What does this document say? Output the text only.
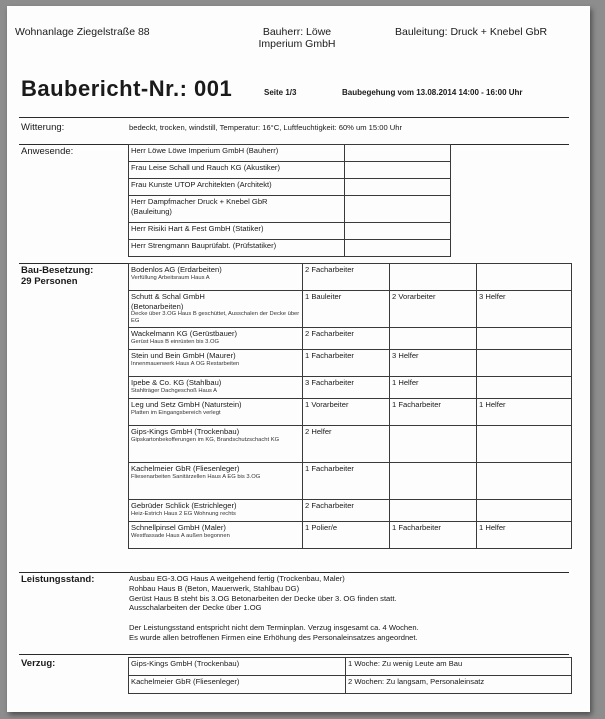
Wohnanlage Ziegelstraße 88	Bauherr: Löwe
Imperium GmbH
Bauleitung: Druck + Knebel GbR
Baubericht-Nr.: 001	Seite 1/3	Baubegehung vom 13.08.2014 14:00 - 16:00 Uhr
Witterung:	bedeckt, trocken, windstill, Temperatur: 16°C, Luftfeuchtigkeit: 60% um 15:00 Uhr
Anwesende:	Herr Löwe Löwe Imperium GmbH (Bauherr)	

Frau Leise Schall und Rauch KG (Akustiker)	

Frau Kunste UTOP Architekten (Architekt)	

Herr Dampfmacher Druck + Knebel GbR (Bauleitung)	

Herr Risiki Hart & Fest GmbH (Statiker)	

Herr Strengmann Bauprüfabt. (Prüfstatiker)	

Bau-Besetzung:
29 Personen
Bodenlos AG (Erdarbeiten)
Verfüllung Arbeitsraum Haus A	2 Facharbeiter		

Schutt & Schal GmbH (Betonarbeiten)
Decke über 3.OG Haus B geschüttet, Ausschalen der Decke über EG	1 Bauleiter	2 Vorarbeiter	3 Helfer

Wackelmann KG (Gerüstbauer)
Gerüst Haus B einrüsten bis 3.OG	2 Facharbeiter		

Stein und Bein GmbH (Maurer)
Innenmauerwerk Haus A OG Restarbeiten	1 Facharbeiter	3 Helfer	

Ipebe & Co. KG (Stahlbau)
Stahlträger Dachgeschoß Haus A	3 Facharbeiter	1 Helfer	

Leg und Setz GmbH (Naturstein)
Platten im Eingangsbereich verlegt	1 Vorarbeiter	1 Facharbeiter	1 Helfer

Gips-Kings GmbH (Trockenbau)
Gipskartonbekofferungen im KG, Brandschutzschacht KG	2 Helfer		

Kachelmeier GbR (Fliesenleger)
Fliesenarbeiten Sanitärzellen Haus A EG bis 3.OG	1 Facharbeiter		

Gebrüder Schlick (Estrichleger)
Heiz-Estrich Haus 2 EG Wohnung rechts	2 Facharbeiter		

Schnellpinsel GmbH (Maler)
Westfassade Haus A außen begonnen	1 Polier/e	1 Facharbeiter	1 Helfer
Leistungsstand:	Ausbau EG-3.OG Haus A weitgehend fertig (Trockenbau, Maler)
Rohbau Haus B (Beton, Mauerwerk, Stahlbau DG)
Gerüst Haus B steht bis 3.OG Betonarbeiten der Decke über 3. OG finden statt.
Ausschalarbeiten der Decke über 1.OG
Der Leistungsstand entspricht nicht dem Terminplan. Verzug insgesamt ca. 4 Wochen.
Es wurde allen betroffenen Firmen eine Erhöhung des Personaleinsatzes angeordnet.
Verzug:	Gips-Kings GmbH (Trockenbau)	1 Woche: Zu wenig Leute am Bau

Kachelmeier GbR (Fliesenleger)	2 Wochen: Zu langsam, Personaleinsatz
